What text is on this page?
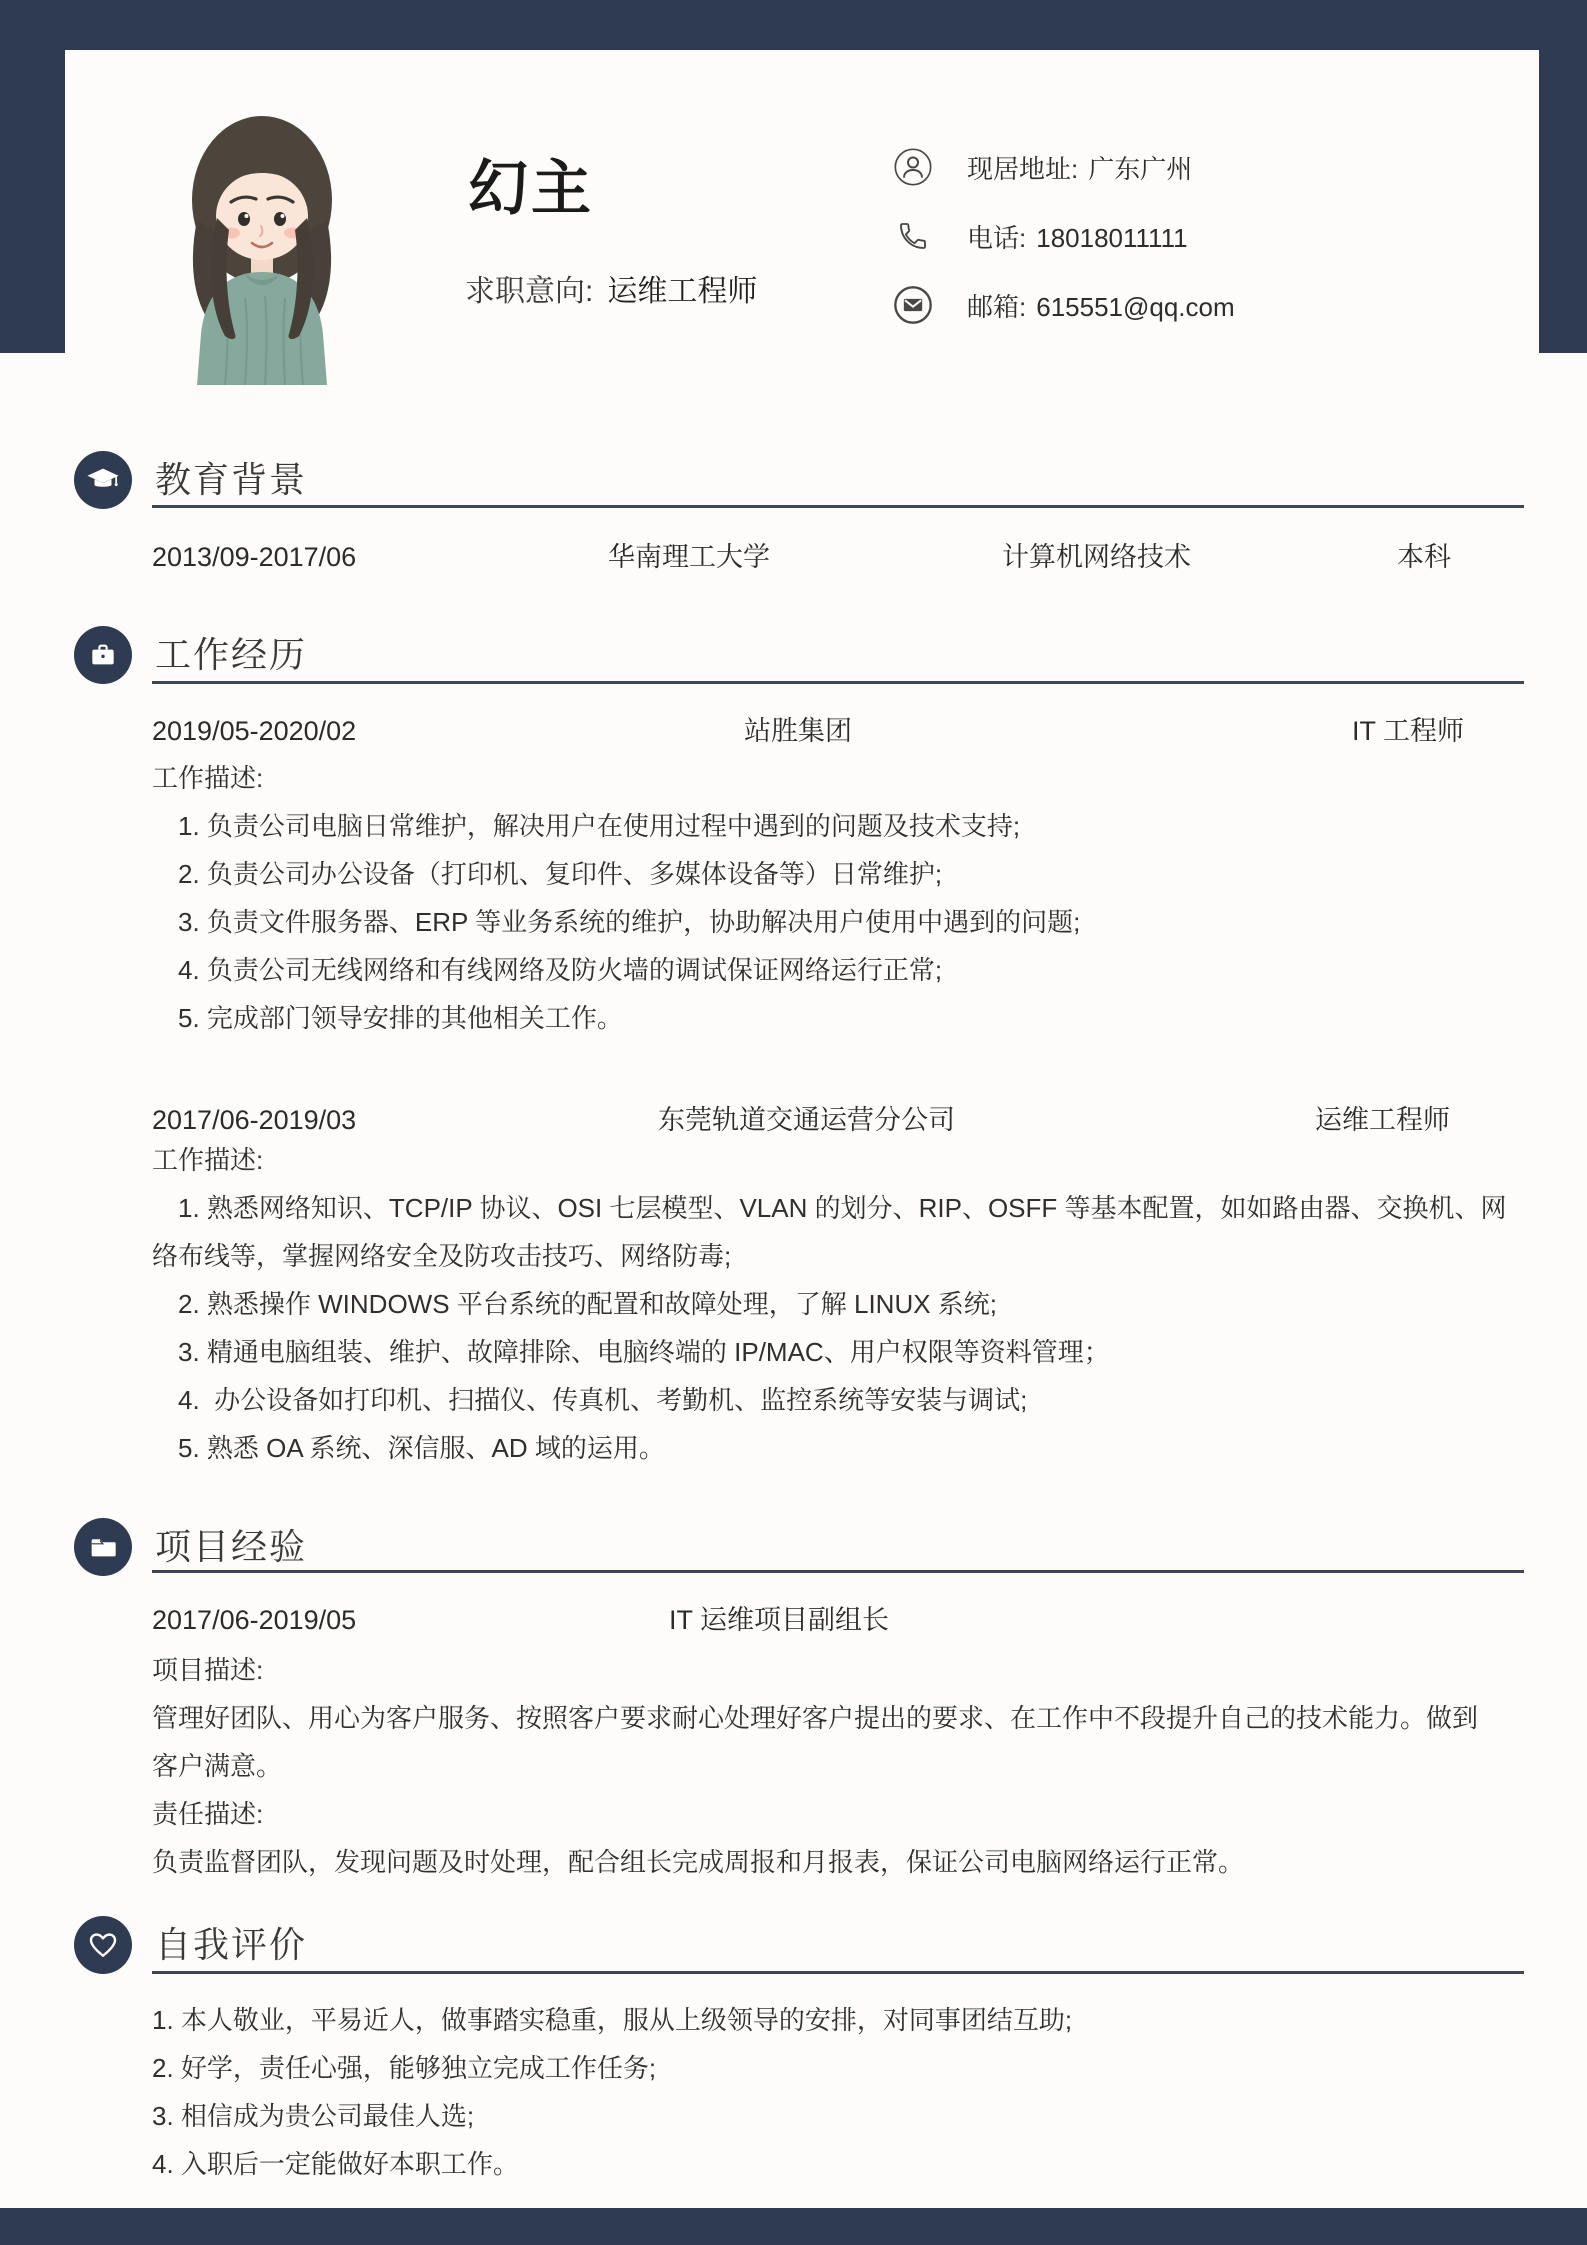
幻主
求职意向: 运维工程师
现居地址: 广东广州
电话: 18018011111
邮箱: 615551@qq.com
教育背景
2013/09-2017/06	华南理工大学	计算机网络技术	本科
工作经历
2019/05-2020/02	站胜集团	IT 工程师

工作描述:

1. 负责公司电脑日常维护，解决用户在使用过程中遇到的问题及技术支持;

2. 负责公司办公设备（打印机、复印件、多媒体设备等）日常维护;

3. 负责文件服务器、ERP 等业务系统的维护，协助解决用户使用中遇到的问题;

4. 负责公司无线网络和有线网络及防火墙的调试保证网络运行正常;

5. 完成部门领导安排的其他相关工作。

2017/06-2019/03	东莞轨道交通运营分公司	运维工程师

工作描述:

1. 熟悉网络知识、TCP/IP 协议、OSI 七层模型、VLAN 的划分、RIP、OSFF 等基本配置，如如路由器、交换机、网络布线等，掌握网络安全及防攻击技巧、网络防毒;

2. 熟悉操作 WINDOWS 平台系统的配置和故障处理，了解 LINUX 系统;

3. 精通电脑组装、维护、故障排除、电脑终端的 IP/MAC、用户权限等资料管理；

4.  办公设备如打印机、扫描仪、传真机、考勤机、监控系统等安装与调试;

5. 熟悉 OA 系统、深信服、AD 域的运用。

项目经验
2017/06-2019/05	IT 运维项目副组长

项目描述:

管理好团队、用心为客户服务、按照客户要求耐心处理好客户提出的要求、在工作中不段提升自己的技术能力。做到客户满意。

责任描述:

负责监督团队，发现问题及时处理，配合组长完成周报和月报表，保证公司电脑网络运行正常。

自我评价

1. 本人敬业，平易近人，做事踏实稳重，服从上级领导的安排，对同事团结互助;

2. 好学，责任心强，能够独立完成工作任务;

3. 相信成为贵公司最佳人选;

4. 入职后一定能做好本职工作。
